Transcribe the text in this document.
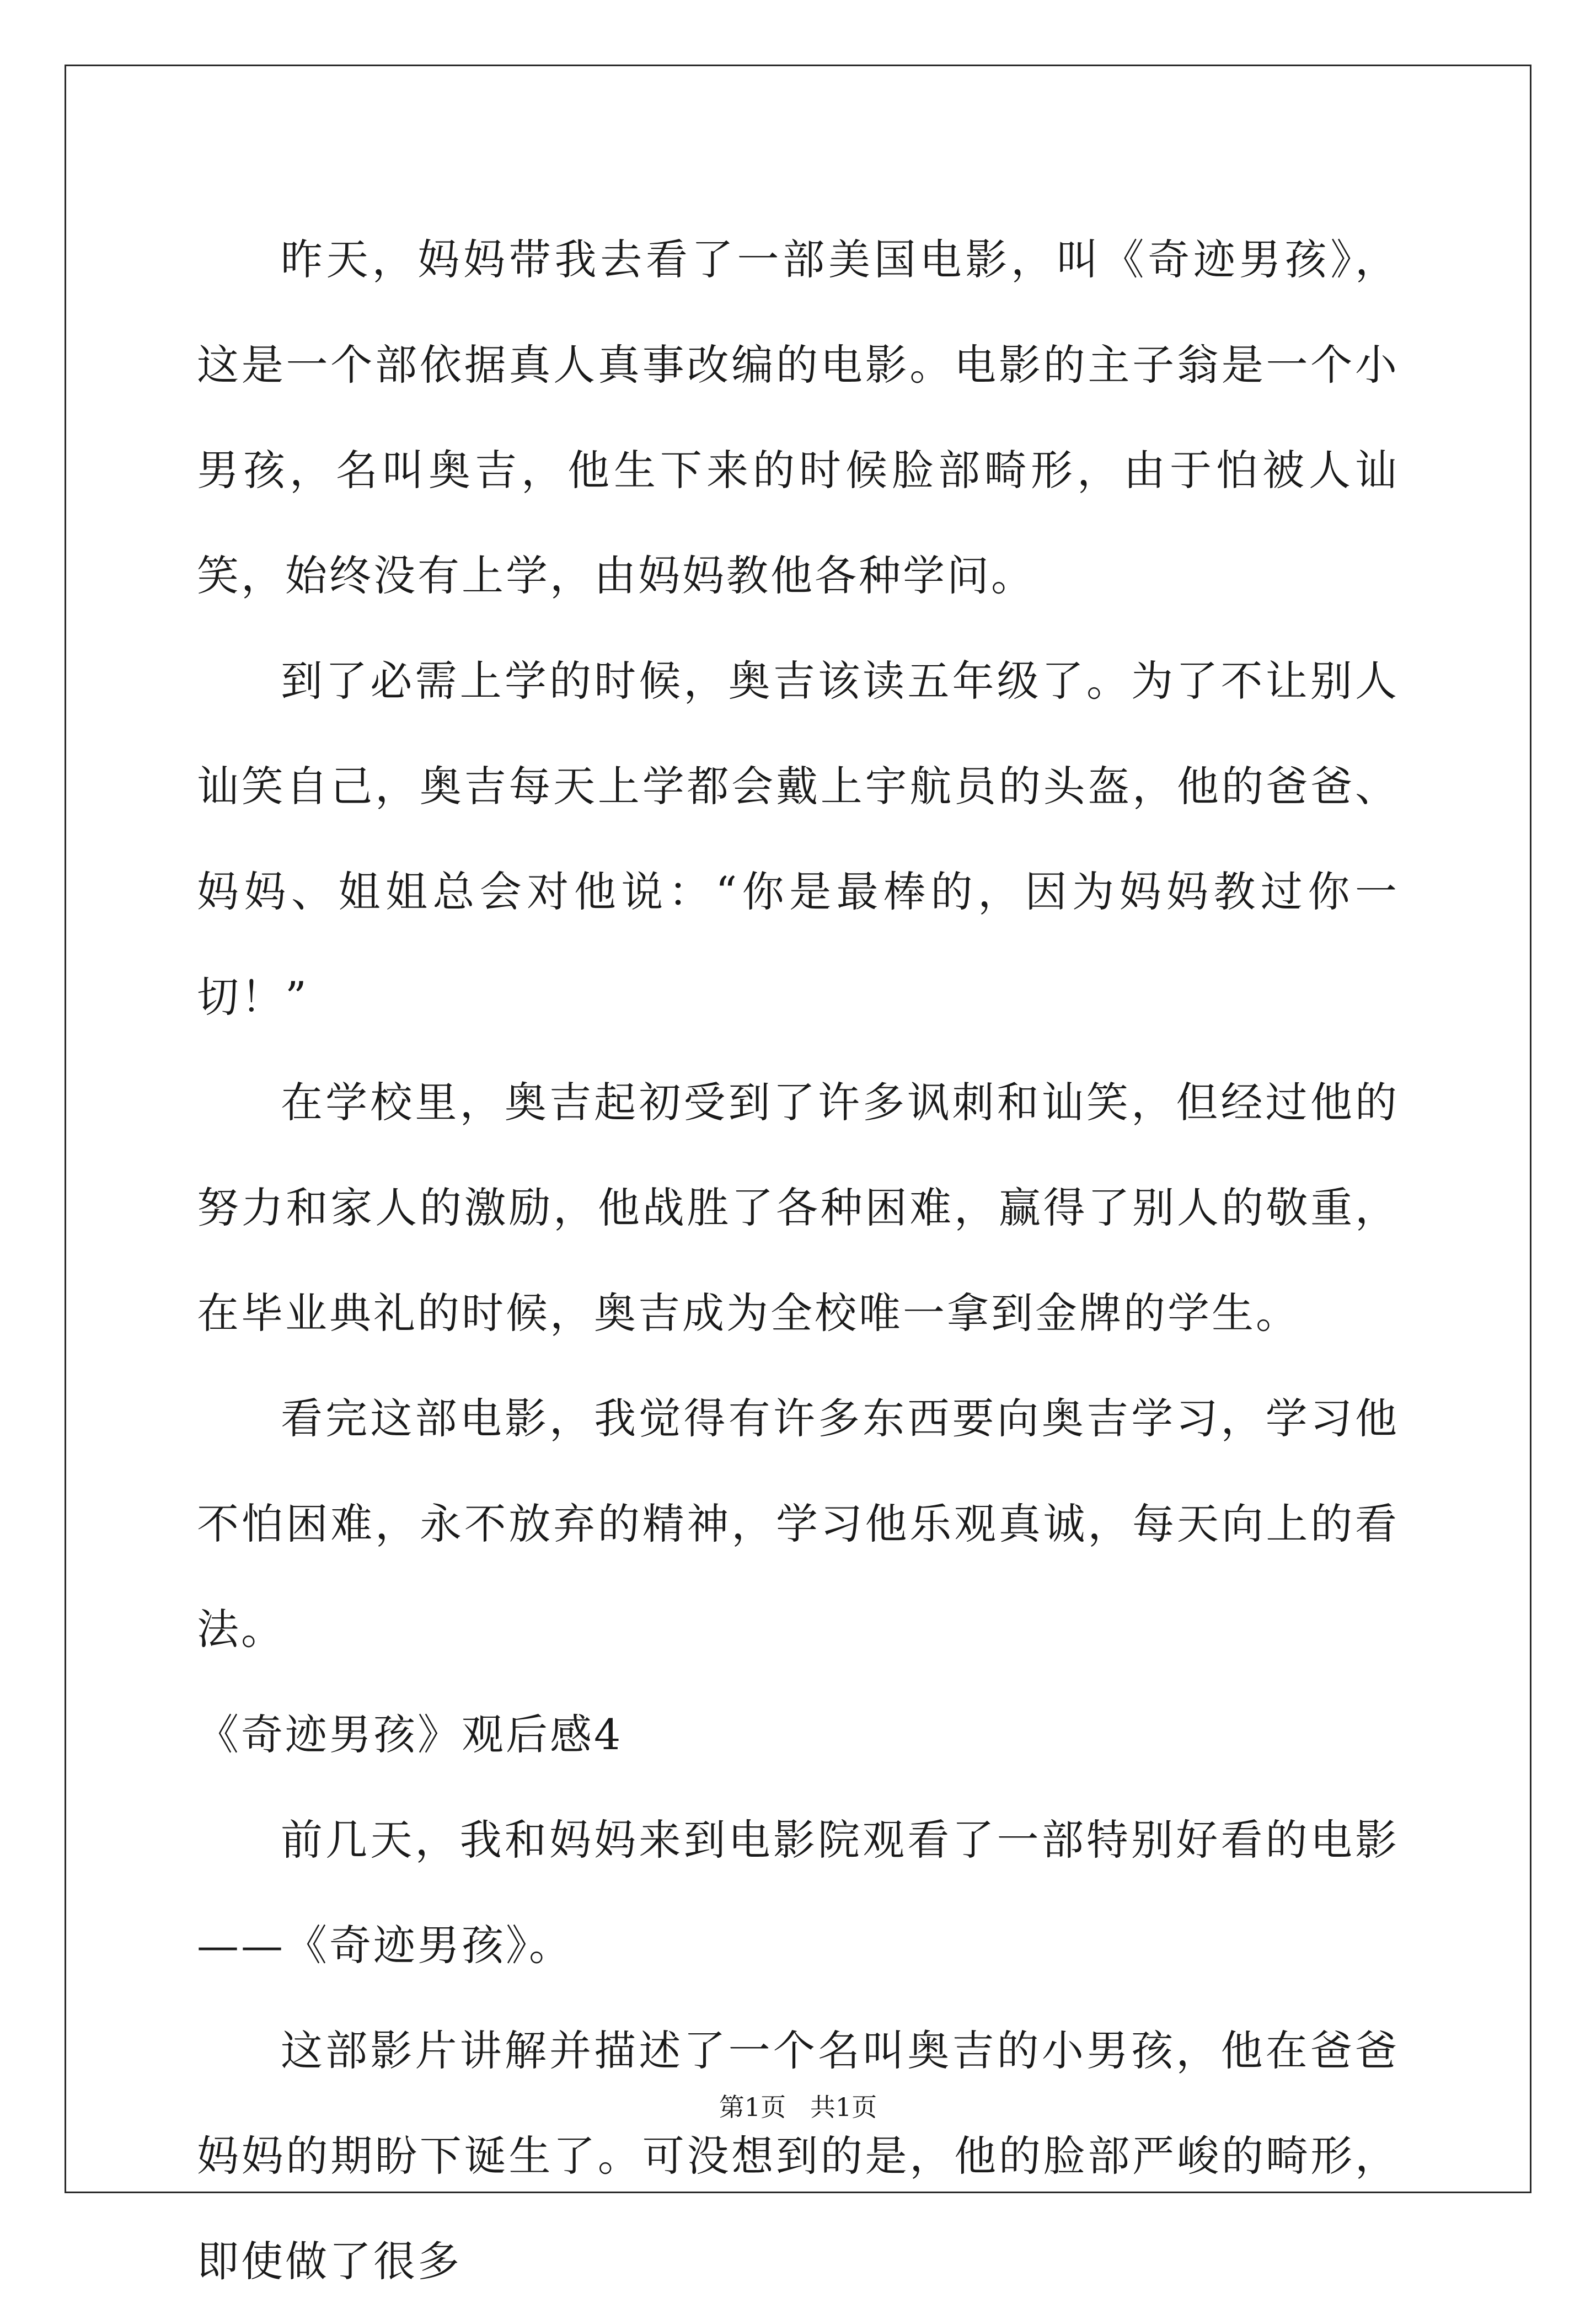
昨天，妈妈带我去看了一部美国电影，叫《奇迹男孩》，这是一个部依据真人真事改编的电影。电影的主子翁是一个小男孩，名叫奥吉，他生下来的时候脸部畸形，由于怕被人讪笑，始终没有上学，由妈妈教他各种学问。

到了必需上学的时候，奥吉该读五年级了。为了不让别人讪笑自己，奥吉每天上学都会戴上宇航员的头盔，他的爸爸、妈妈、姐姐总会对他说：“你是最棒的，因为妈妈教过你一切！”

在学校里，奥吉起初受到了许多讽刺和讪笑，但经过他的努力和家人的激励，他战胜了各种困难，赢得了别人的敬重，在毕业典礼的时候，奥吉成为全校唯一拿到金牌的学生。

看完这部电影，我觉得有许多东西要向奥吉学习，学习他不怕困难，永不放弃的精神，学习他乐观真诚，每天向上的看法。

《奇迹男孩》观后感4

前几天，我和妈妈来到电影院观看了一部特别好看的电影——《奇迹男孩》。

这部影片讲解并描述了一个名叫奥吉的小男孩，他在爸爸妈妈的期盼下诞生了。可没想到的是，他的脸部严峻的畸形，即使做了很多

第1页   共1页
